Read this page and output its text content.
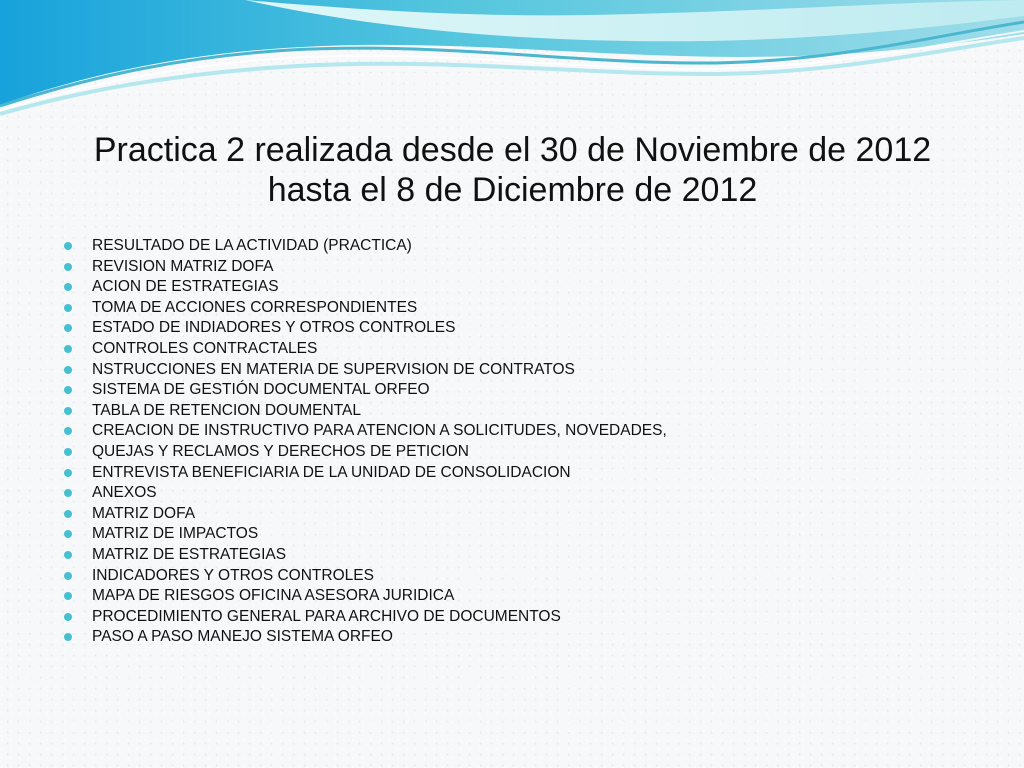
Practica 2 realizada desde el 30 de Noviembre de 2012 hasta el 8 de Diciembre de 2012
RESULTADO DE LA ACTIVIDAD (PRACTICA)
REVISION MATRIZ DOFA
ACION DE ESTRATEGIAS
TOMA DE ACCIONES CORRESPONDIENTES
ESTADO DE INDIADORES Y OTROS CONTROLES
CONTROLES CONTRACTALES
NSTRUCCIONES EN MATERIA DE SUPERVISION DE CONTRATOS
SISTEMA DE GESTIÓN DOCUMENTAL ORFEO
TABLA DE RETENCION DOUMENTAL
CREACION DE INSTRUCTIVO PARA ATENCION A SOLICITUDES, NOVEDADES,
QUEJAS Y RECLAMOS Y DERECHOS DE PETICION
ENTREVISTA BENEFICIARIA DE LA UNIDAD DE CONSOLIDACION
ANEXOS
MATRIZ DOFA
MATRIZ DE IMPACTOS
MATRIZ DE ESTRATEGIAS
INDICADORES Y OTROS CONTROLES
MAPA DE RIESGOS OFICINA ASESORA JURIDICA
PROCEDIMIENTO GENERAL PARA ARCHIVO DE DOCUMENTOS
PASO A PASO MANEJO SISTEMA ORFEO
